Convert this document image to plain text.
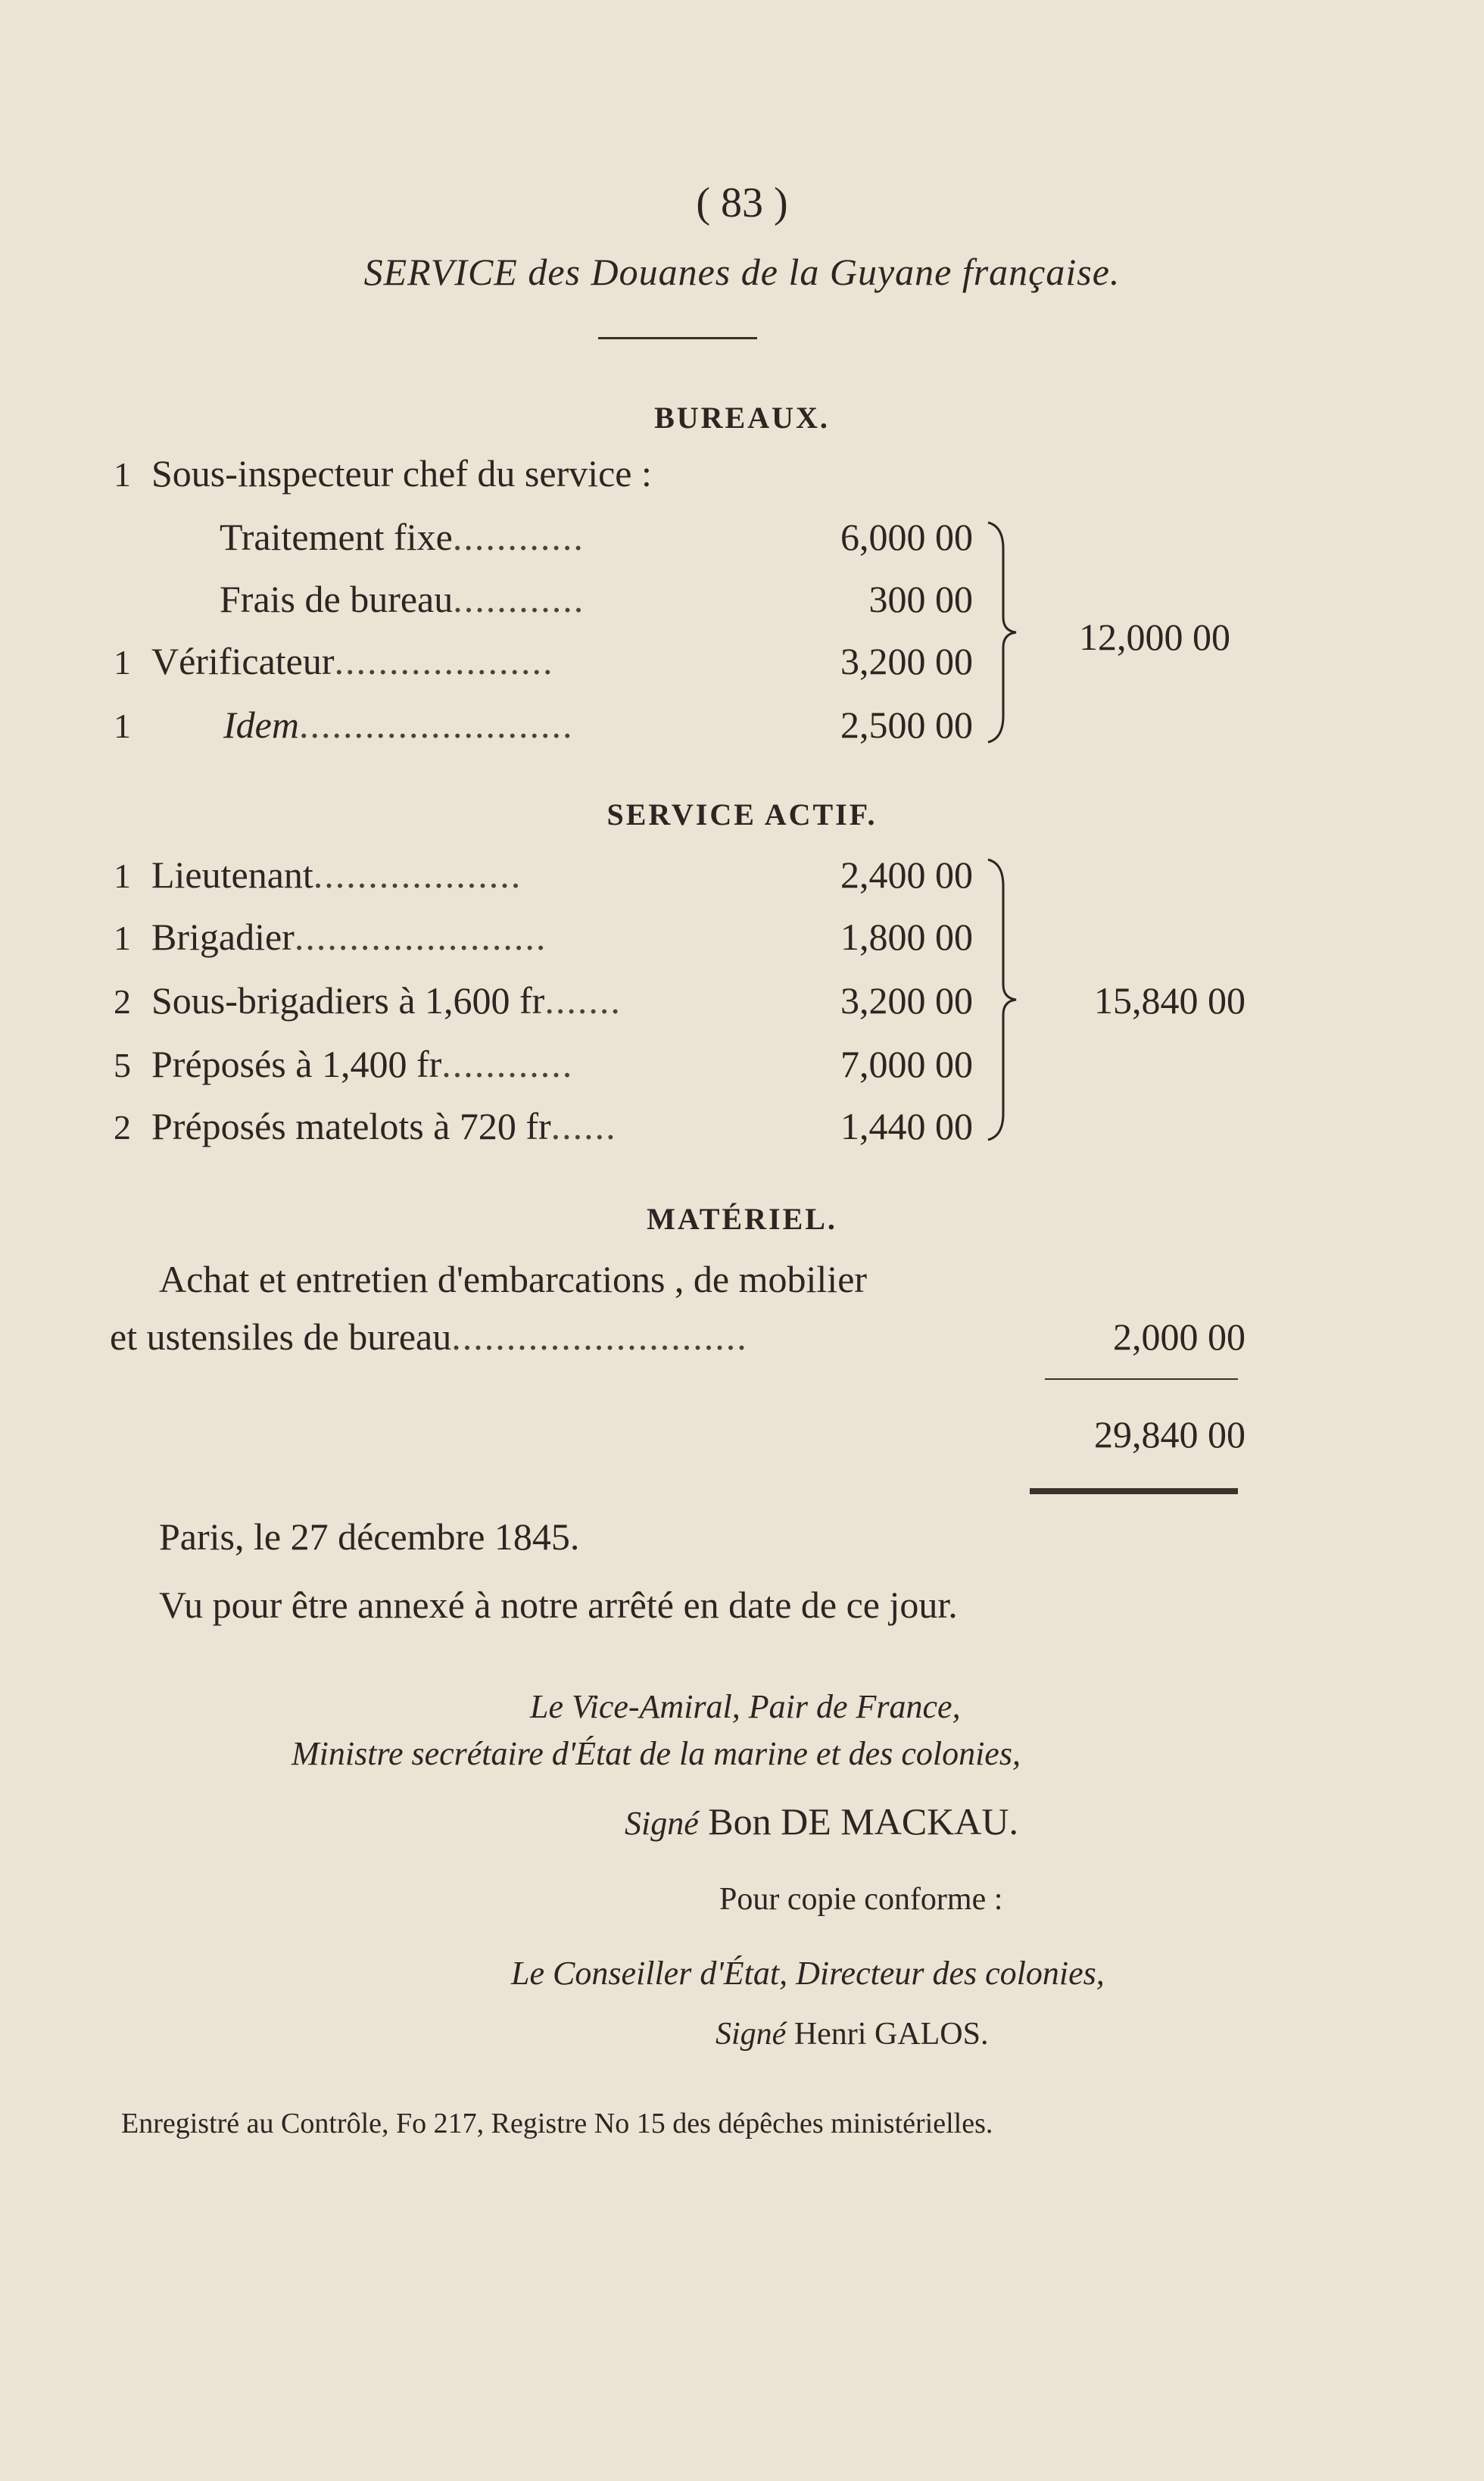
( 83 )
SERVICE des Douanes de la Guyane française.
BUREAUX.
1 Sous-inspecteur chef du service :
Traitement fixe............	6,000 00
Frais de bureau............	300 00
1 Vérificateur....................	3,200 00
1 Idem.........................	2,500 00
12,000 00
SERVICE ACTIF.
1 Lieutenant...................	2,400 00
1 Brigadier.......................	1,800 00
2 Sous-brigadiers à 1,600 fr.......	3,200 00
5 Préposés à 1,400 fr............	7,000 00
2 Préposés matelots à 720 fr......	1,440 00
15,840 00
MATÉRIEL.
Achat et entretien d'embarcations , de mobilier
et ustensiles de bureau...........................	2,000 00
29,840 00
Paris, le 27 décembre 1845.
Vu pour être annexé à notre arrêté en date de ce jour.
Le Vice-Amiral, Pair de France,
Ministre secrétaire d'État de la marine et des colonies,
Signé Bon DE MACKAU.
Pour copie conforme :
Le Conseiller d'État, Directeur des colonies,
Signé Henri GALOS.
Enregistré au Contrôle, Fo 217, Registre No 15 des dépêches ministérielles.
